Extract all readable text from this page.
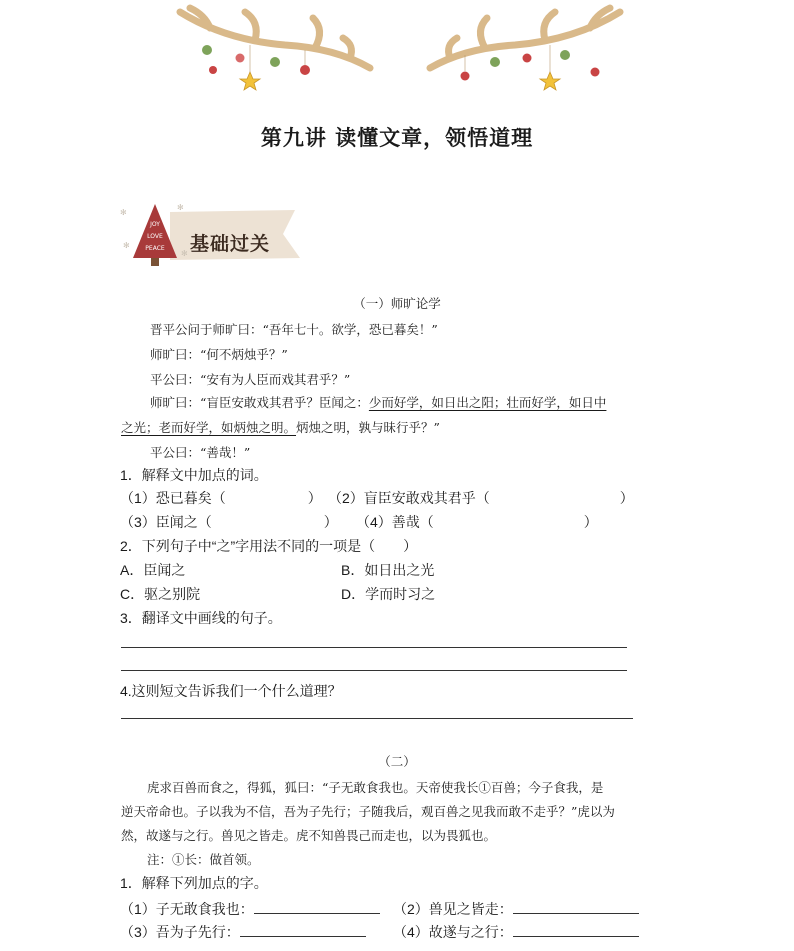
第九讲 读懂文章，领悟道理
✻
✻
✻
✻
JOY
LOVE
PEACE 基础过关
（一）师旷论学
晋平公问于师旷曰：“吾年七十。欲学，恐已暮矣！”
师旷曰：“何不炳烛乎？”
平公曰：“安有为人臣而戏其君乎？”
师旷曰：“盲臣安敢戏其君乎？臣闻之：少而好学，如日出之阳；壮而好学，如日中
之光；老而好学，如炳烛之明。炳烛之明，孰与昧行乎？”
平公曰：“善哉！”
1．解释文中加点的词。
（1）恐已暮矣（	） （2）盲臣安敢戏其君乎（	）
（3）臣闻之（	） （4）善哉（	）
2．下列句子中“之”字用法不同的一项是（　　）
A．臣闻之	B．如日出之光
C．驱之别院	D．学而时习之
3．翻译文中画线的句子。
4.这则短文告诉我们一个什么道理？
（二）
虎求百兽而食之，得狐，狐曰：“子无敢食我也。天帝使我长①百兽；今子食我，是
逆天帝命也。子以我为不信，吾为子先行；子随我后，观百兽之见我而敢不走乎？”虎以为
然，故遂与之行。兽见之皆走。虎不知兽畏己而走也，以为畏狐也。
注：①长：做首领。
1．解释下列加点的字。
（1）子无敢食我也：	（2）兽见之皆走：
（3）吾为子先行：	（4）故遂与之行：
